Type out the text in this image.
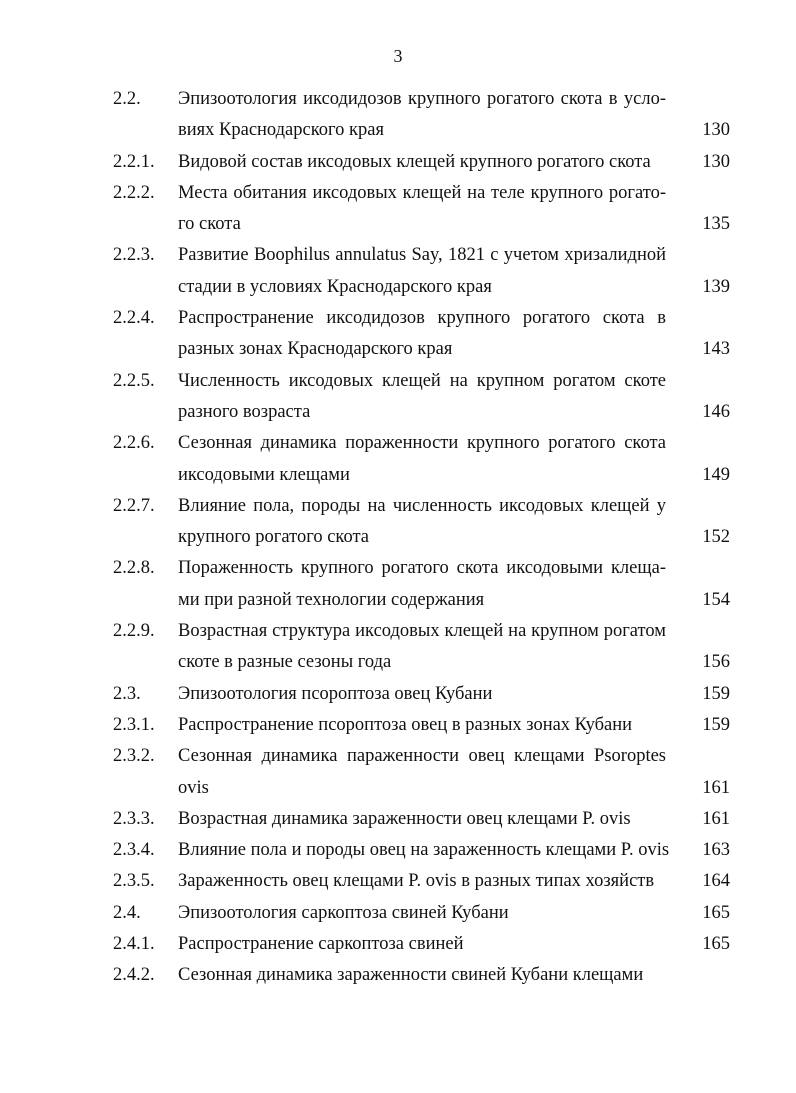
3
2.2. Эпизоотология иксодидозов крупного рогатого скота в усло-
виях Краснодарского края	130
2.2.1. Видовой состав иксодовых клещей крупного рогатого скота	130
2.2.2. Места обитания иксодовых клещей на теле крупного рогато-
го скота	135
2.2.3. Развитие Boophilus annulatus Say, 1821 с учетом хризалидной
стадии в условиях Краснодарского края	139
2.2.4. Распространение иксодидозов крупного рогатого скота в
разных зонах Краснодарского края	143
2.2.5. Численность иксодовых клещей на крупном рогатом скоте
разного возраста	146
2.2.6. Сезонная динамика пораженности крупного рогатого скота
иксодовыми клещами	149
2.2.7. Влияние пола, породы на численность иксодовых клещей у
крупного рогатого скота	152
2.2.8. Пораженность крупного рогатого скота иксодовыми клеща-
ми при разной технологии содержания	154
2.2.9. Возрастная структура иксодовых клещей на крупном рогатом
скоте в разные сезоны года	156
2.3. Эпизоотология псороптоза овец Кубани	159
2.3.1. Распространение псороптоза овец в разных зонах Кубани	159
2.3.2. Сезонная динамика параженности овец клещами Psoroptes
ovis	161
2.3.3. Возрастная динамика зараженности овец клещами P. ovis	161
2.3.4. Влияние пола и породы овец на зараженность клещами P. ovis 163
2.3.5. Зараженность овец клещами P. ovis в разных типах хозяйств	164
2.4. Эпизоотология саркоптоза свиней Кубани	165
2.4.1. Распространение саркоптоза свиней	165
2.4.2. Сезонная динамика зараженности свиней Кубани клещами
